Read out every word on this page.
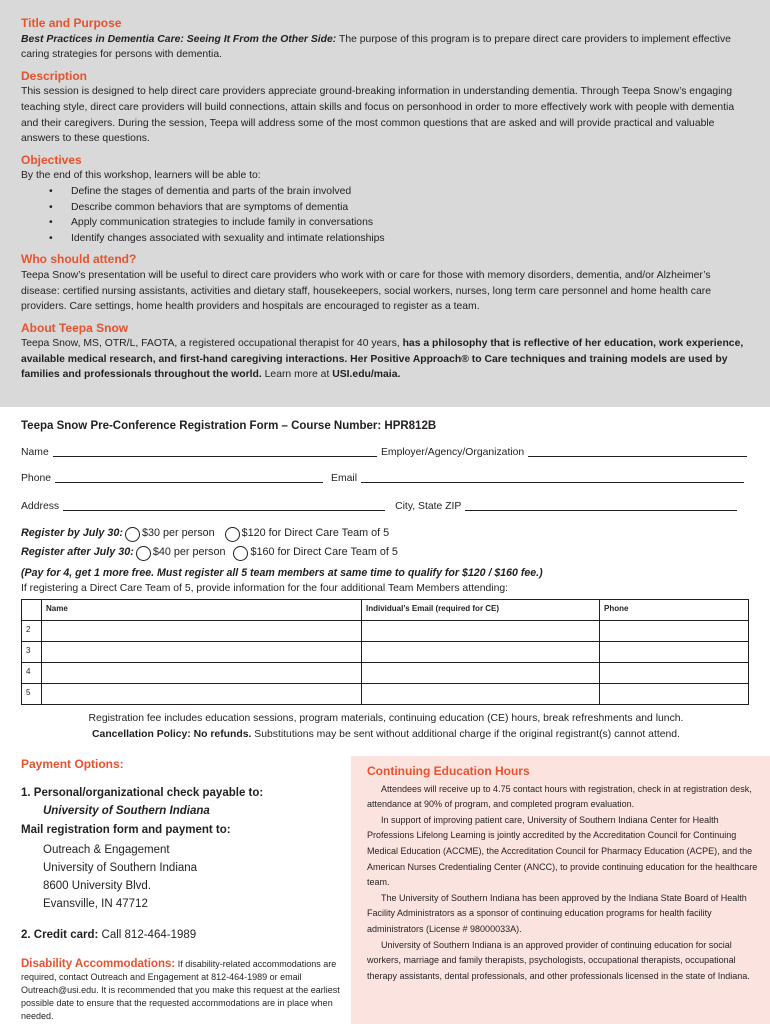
Title and Purpose
Best Practices in Dementia Care: Seeing It From the Other Side: The purpose of this program is to prepare direct care providers to implement effective caring strategies for persons with dementia.
Description
This session is designed to help direct care providers appreciate ground-breaking information in understanding dementia. Through Teepa Snow’s engaging teaching style, direct care providers will build connections, attain skills and focus on personhood in order to more effectively work with people with dementia and their caregivers. During the session, Teepa will address some of the most common questions that are asked and will provide practical and valuable answers to these questions.
Objectives
By the end of this workshop, learners will be able to:
• Define the stages of dementia and parts of the brain involved
• Describe common behaviors that are symptoms of dementia
• Apply communication strategies to include family in conversations
• Identify changes associated with sexuality and intimate relationships
Who should attend?
Teepa Snow’s presentation will be useful to direct care providers who work with or care for those with memory disorders, dementia, and/or Alzheimer’s disease: certified nursing assistants, activities and dietary staff, housekeepers, social workers, nurses, long term care personnel and home health care providers. Care settings, home health providers and hospitals are encouraged to register as a team.
About Teepa Snow
Teepa Snow, MS, OTR/L, FAOTA, a registered occupational therapist for 40 years, has a philosophy that is reflective of her education, work experience, available medical research, and first-hand caregiving interactions. Her Positive Approach® to Care techniques and training models are used by families and professionals throughout the world. Learn more at USI.edu/maia.
Teepa Snow Pre-Conference Registration Form – Course Number: HPR812B
Name	Employer/Agency/Organization
Phone	Email
Address	City, State ZIP
Register by July 30: $30 per person	$120 for Direct Care Team of 5
Register after July 30: $40 per person $160 for Direct Care Team of 5
(Pay for 4, get 1 more free. Must register all 5 team members at same time to qualify for $120 / $160 fee.)
If registering a Direct Care Team of 5, provide information for the four additional Team Members attending:
	Name	Individual’s Email (required for CE)	Phone
2			
3			
4			
5			
Registration fee includes education sessions, program materials, continuing education (CE) hours, break refreshments and lunch.
Cancellation Policy: No refunds. Substitutions may be sent without additional charge if the original registrant(s) cannot attend.
Payment Options:
1. Personal/organizational check payable to:
University of Southern Indiana
Mail registration form and payment to:
Outreach & Engagement
University of Southern Indiana
8600 University Blvd.
Evansville, IN 47712
2. Credit card: Call 812-464-1989
Disability Accommodations: If disability-related accommodations are required, contact Outreach and Engagement at 812-464-1989 or email Outreach@usi.edu. It is recommended that you make this request at the earliest possible date to ensure that the requested accommodations are in place when needed.
Continuing Education Hours
Attendees will receive up to 4.75 contact hours with registration, check in at registration desk, attendance at 90% of program, and completed program evaluation.
In support of improving patient care, University of Southern Indiana Center for Health Professions Lifelong Learning is jointly accredited by the Accreditation Council for Continuing Medical Education (ACCME), the Accreditation Council for Pharmacy Education (ACPE), and the American Nurses Credentialing Center (ANCC), to provide continuing education for the healthcare team.
The University of Southern Indiana has been approved by the Indiana State Board of Health Facility Administrators as a sponsor of continuing education programs for health facility administrators (License # 98000033A).
University of Southern Indiana is an approved provider of continuing education for social workers, marriage and family therapists, psychologists, occupational therapists, occupational therapy assistants, dental professionals, and other professionals licensed in the state of Indiana.
